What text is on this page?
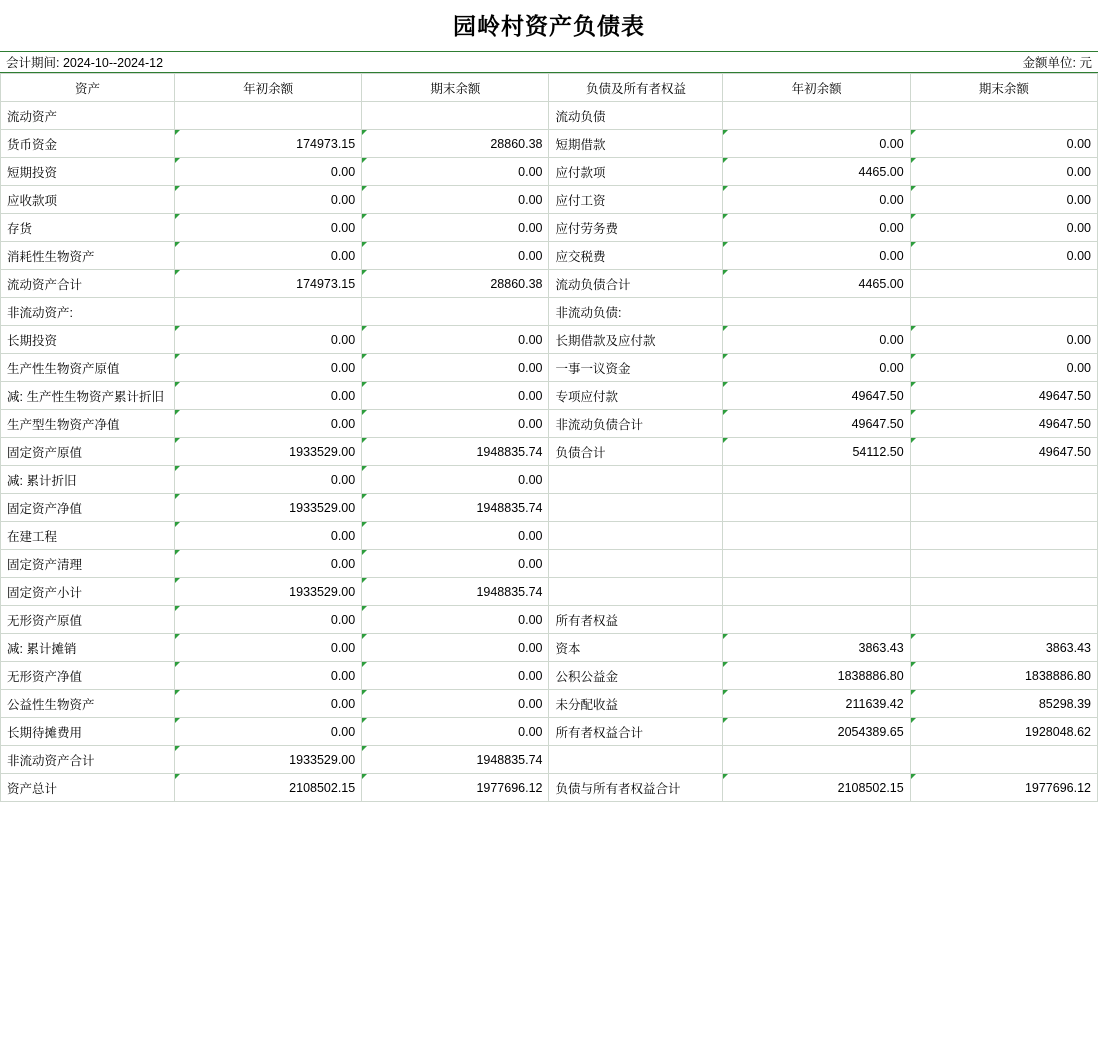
园岭村资产负债表
会计期间: 2024-10--2024-12	金额单位: 元
资产	年初余额	期末余额	负债及所有者权益	年初余额	期末余额
流动资产			流动负债		
货币资金	174973.15	28860.38	短期借款	0.00	0.00
短期投资	0.00	0.00	应付款项	4465.00	0.00
应收款项	0.00	0.00	应付工资	0.00	0.00
存货	0.00	0.00	应付劳务费	0.00	0.00
消耗性生物资产	0.00	0.00	应交税费	0.00	0.00
流动资产合计	174973.15	28860.38	流动负债合计	4465.00	
非流动资产:			非流动负债:		
长期投资	0.00	0.00	长期借款及应付款	0.00	0.00
生产性生物资产原值	0.00	0.00	一事一议资金	0.00	0.00
减: 生产性生物资产累计折旧	0.00	0.00	专项应付款	49647.50	49647.50
生产型生物资产净值	0.00	0.00	非流动负债合计	49647.50	49647.50
固定资产原值	1933529.00	1948835.74	负债合计	54112.50	49647.50
减: 累计折旧	0.00	0.00			
固定资产净值	1933529.00	1948835.74			
在建工程	0.00	0.00			
固定资产清理	0.00	0.00			
固定资产小计	1933529.00	1948835.74			
无形资产原值	0.00	0.00	所有者权益		
减: 累计摊销	0.00	0.00	资本	3863.43	3863.43
无形资产净值	0.00	0.00	公积公益金	1838886.80	1838886.80
公益性生物资产	0.00	0.00	未分配收益	211639.42	85298.39
长期待摊费用	0.00	0.00	所有者权益合计	2054389.65	1928048.62
非流动资产合计	1933529.00	1948835.74			
资产总计	2108502.15	1977696.12	负债与所有者权益合计	2108502.15	1977696.12
